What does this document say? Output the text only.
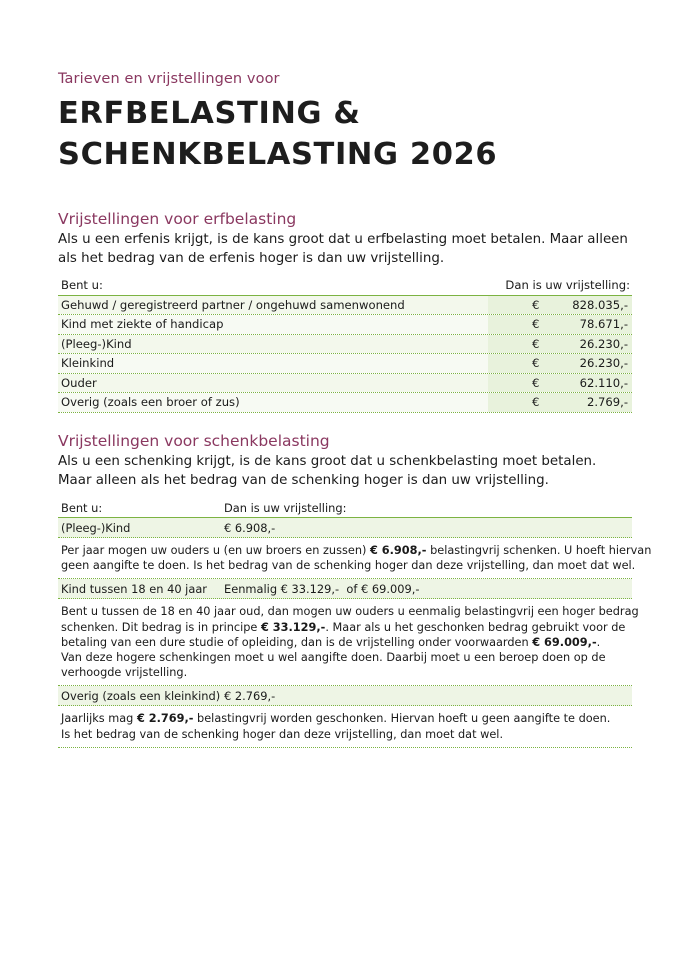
Tarieven en vrijstellingen voor
ERFBELASTING &
SCHENKBELASTING 2026
Vrijstellingen voor erfbelasting
Als u een erfenis krijgt, is de kans groot dat u erfbelasting moet betalen. Maar alleen
als het bedrag van de erfenis hoger is dan uw vrijstelling.
Bent u:	Dan is uw vrijstelling:
Gehuwd / geregistreerd partner / ongehuwd samenwonend	€	828.035,-
Kind met ziekte of handicap	€	78.671,-
(Pleeg-)Kind	€	26.230,-
Kleinkind	€	26.230,-
Ouder	€	62.110,-
Overig (zoals een broer of zus)	€	2.769,-
Vrijstellingen voor schenkbelasting
Als u een schenking krijgt, is de kans groot dat u schenkbelasting moet betalen.
Maar alleen als het bedrag van de schenking hoger is dan uw vrijstelling.
Bent u:	Dan is uw vrijstelling:
(Pleeg-)Kind	€ 6.908,-
Per jaar mogen uw ouders u (en uw broers en zussen) € 6.908,- belastingvrij schenken. U hoeft hiervan
geen aangifte te doen. Is het bedrag van de schenking hoger dan deze vrijstelling, dan moet dat wel.
Kind tussen 18 en 40 jaar	Eenmalig € 33.129,-  of € 69.009,-
Bent u tussen de 18 en 40 jaar oud, dan mogen uw ouders u eenmalig belastingvrij een hoger bedrag
schenken. Dit bedrag is in principe € 33.129,-. Maar als u het geschonken bedrag gebruikt voor de
betaling van een dure studie of opleiding, dan is de vrijstelling onder voorwaarden € 69.009,-.
Van deze hogere schenkingen moet u wel aangifte doen. Daarbij moet u een beroep doen op de
verhoogde vrijstelling.
Overig (zoals een kleinkind) € 2.769,-
Jaarlijks mag € 2.769,- belastingvrij worden geschonken. Hiervan hoeft u geen aangifte te doen.
Is het bedrag van de schenking hoger dan deze vrijstelling, dan moet dat wel.
